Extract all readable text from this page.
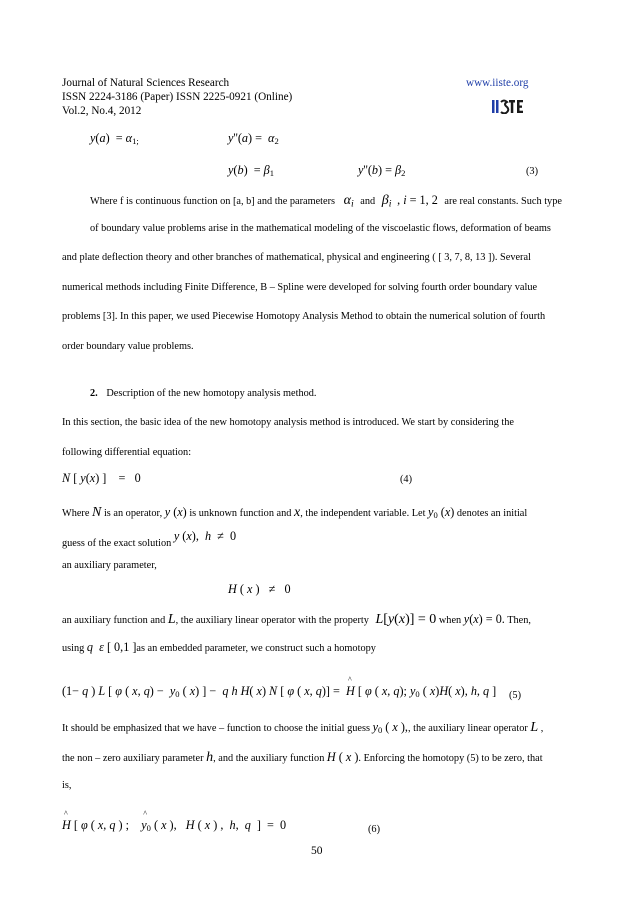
Journal of Natural Sciences Research
ISSN 2224-3186 (Paper) ISSN 2225-0921 (Online)
Vol.2, No.4, 2012
www.iiste.org
$y(a) = \alpha_{1;}$	$y''(a) = \alpha_2$
$y(b) = \beta_1$	$y''(b) = \beta_2$	(3)
Where f is continuous function on [a, b] and the parameters $\alpha_i$ and $\beta_i$  , i = 1, 2 are real constants. Such type
of boundary value problems arise in the mathematical modeling of the viscoelastic flows, deformation of beams
and plate deflection theory and other branches of mathematical, physical and engineering ( [ 3, 7, 8, 13 ]). Several
numerical methods including Finite Difference, B – Spline were developed for solving fourth order boundary value
problems [3]. In this paper, we used Piecewise Homotopy Analysis Method to obtain the numerical solution of fourth
order boundary value problems.
2. Description of the new homotopy analysis method.
In this section, the basic idea of the new homotopy analysis method is introduced. We start by considering the
following differential equation:
N [ y(x) ]    =   0	(4)
Where N is an operator, y (x) is unknown function and x, the independent variable. Let $y_0$ (x) denotes an initial
guess of the exact solution y (x),  h  ≠  0
an auxiliary parameter,
H ( x )   ≠   0
an auxiliary function and L, the auxiliary linear operator with the property L[y(x)] = 0 when y(x) = 0. Then,
using q ε [ 0,1 ]as an embedded parameter, we construct such a homotopy
(1− q ) L [ φ ( x, $q) - y_0$ ( x) ] −  q h H( x) N [ φ ( x, q)] =  ^ H [ φ ( x, q); $y_0$ ( x)H( x), h, q ] (5)
It should be emphasized that we have – function to choose the initial guess $y_0$ ( x ),, the auxiliary linear operator L ,
the non – zero auxiliary parameter h, and the auxiliary function H ( x ). Enforcing the homotopy (5) to be zero, that
is,
^ H [ φ ( x, q ) ;    ^ $y_0$ ( x ),   H ( x ) ,  h,  q  ]  =  0	(6)
50
